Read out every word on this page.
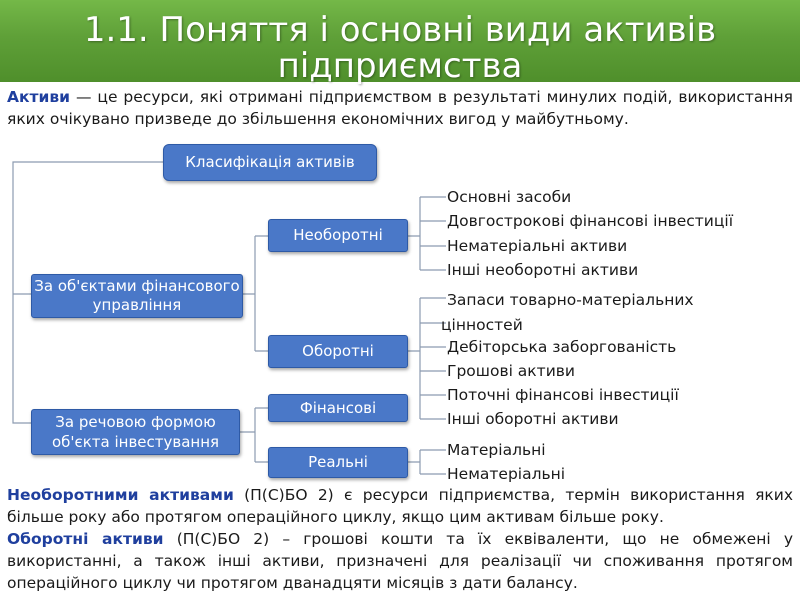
1.1. Поняття і основні види активів підприємства

Активи — це ресурси, які отримані підприємством в результаті минулих подій, використання яких очікувано призведе до збільшення економічних вигод у майбутньому.

Класифікація активів
За об'єктами фінансового управління
За речовою формою об'єкта інвестування
Необоротні
Оборотні
Фінансові
Реальні

Основні засоби

Довгострокові фінансові інвестиції

Нематеріальні активи

Інші необоротні активи

Запаси товарно-матеріальних цінностей

Дебіторська заборгованість

Грошові активи

Поточні фінансові інвестиції

Інші оборотні активи

Матеріальні

Нематеріальні

Необоротними активами (П(С)БО 2) є ресурси підприємства, термін використання яких більше року або протягом операційного циклу, якщо цим активам більше року.
Оборотні активи (П(С)БО 2) – грошові кошти та їх еквіваленти, що не обмежені у використанні, а також інші активи, призначені для реалізації чи споживання протягом операційного циклу чи протягом дванадцяти місяців з дати балансу.
